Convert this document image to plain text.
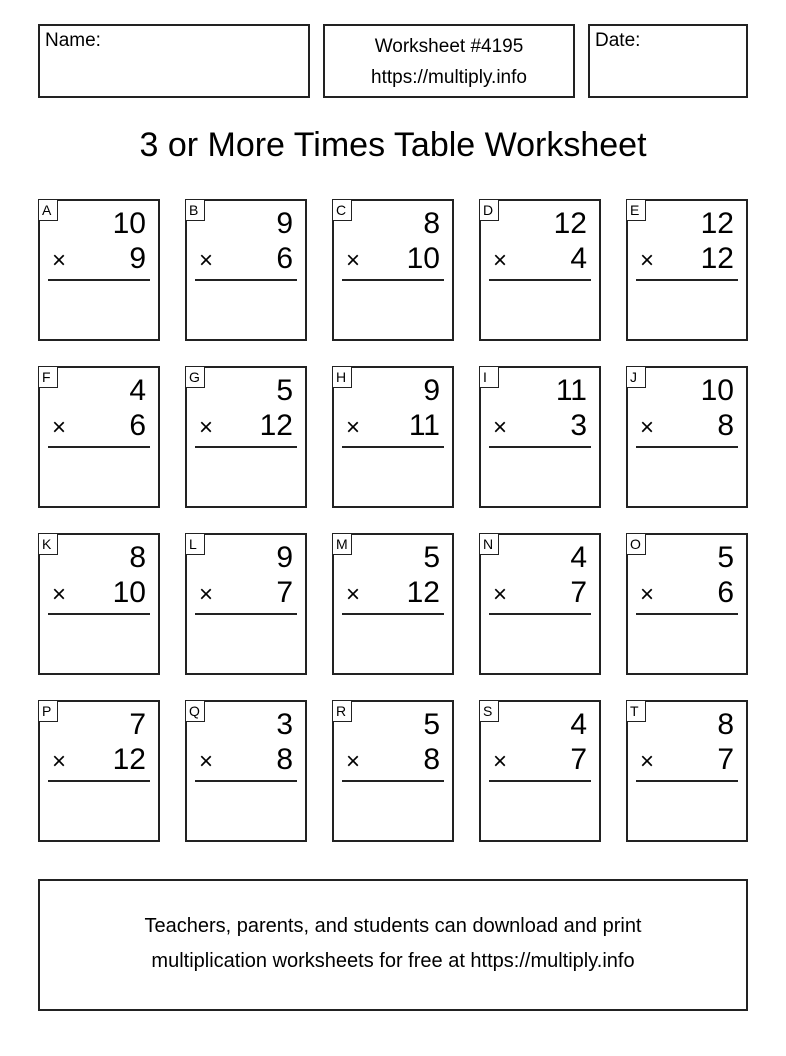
Name:	Worksheet #4195
https://multiply.info
Date:
3 or More Times Table Worksheet
A 10
× 9
B	9
× 6
C	8
× 10
D 12
× 4
E 12
× 12
F	4
× 6
G	5
× 12
H	9
× 11
I	11
× 3
J	10
× 8
K	8
× 10
L	9
× 7
M	5
× 12
N	4
× 7
O	5
× 6
P	7
× 12
Q	3
× 8
R	5
× 8
S	4
× 7
T	8
× 7
Teachers, parents, and students can download and print
multiplication worksheets for free at https://multiply.info
